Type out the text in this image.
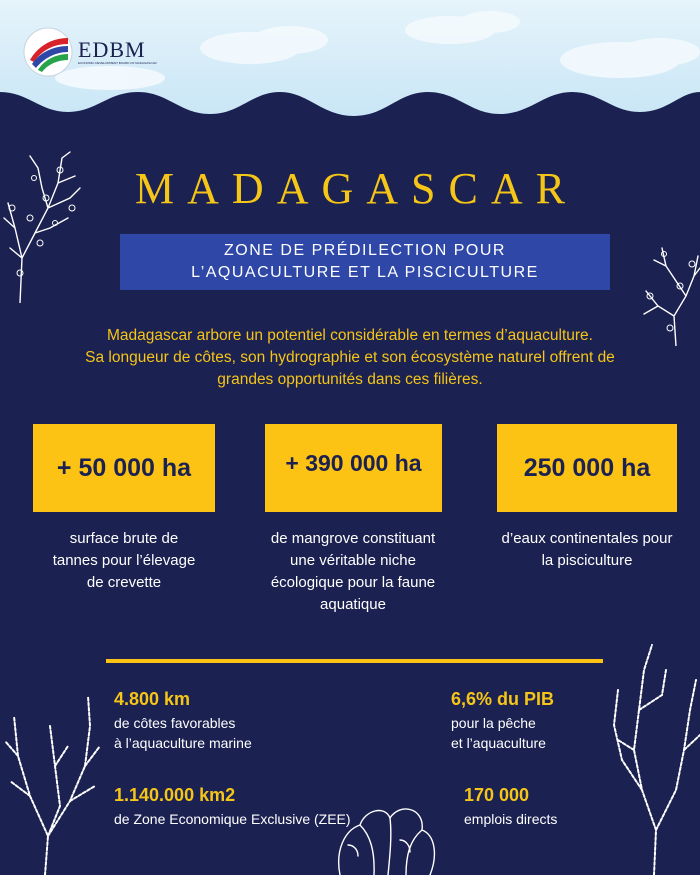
EDBM
ECONOMIC DEVELOPMENT BOARD OF MADAGASCAR
MADAGASCAR
ZONE DE PRÉDILECTION POUR
L’AQUACULTURE ET LA PISCICULTURE
Madagascar arbore un potentiel considérable en termes d’aquaculture.
Sa longueur de côtes, son hydrographie et son écosystème naturel offrent de
grandes opportunités dans ces filières.
+ 50 000 ha	+ 390 000 ha	250 000 ha
surface brute de
tannes pour l’élevage
de crevette
de mangrove constituant
une véritable niche
écologique pour la faune
aquatique
d’eaux continentales pour
la pisciculture
4.800 km
de côtes favorables
à l’aquaculture marine
6,6% du PIB
pour la pêche
et l’aquaculture
1.140.000 km2
de Zone Economique Exclusive (ZEE)
170 000
emplois directs
